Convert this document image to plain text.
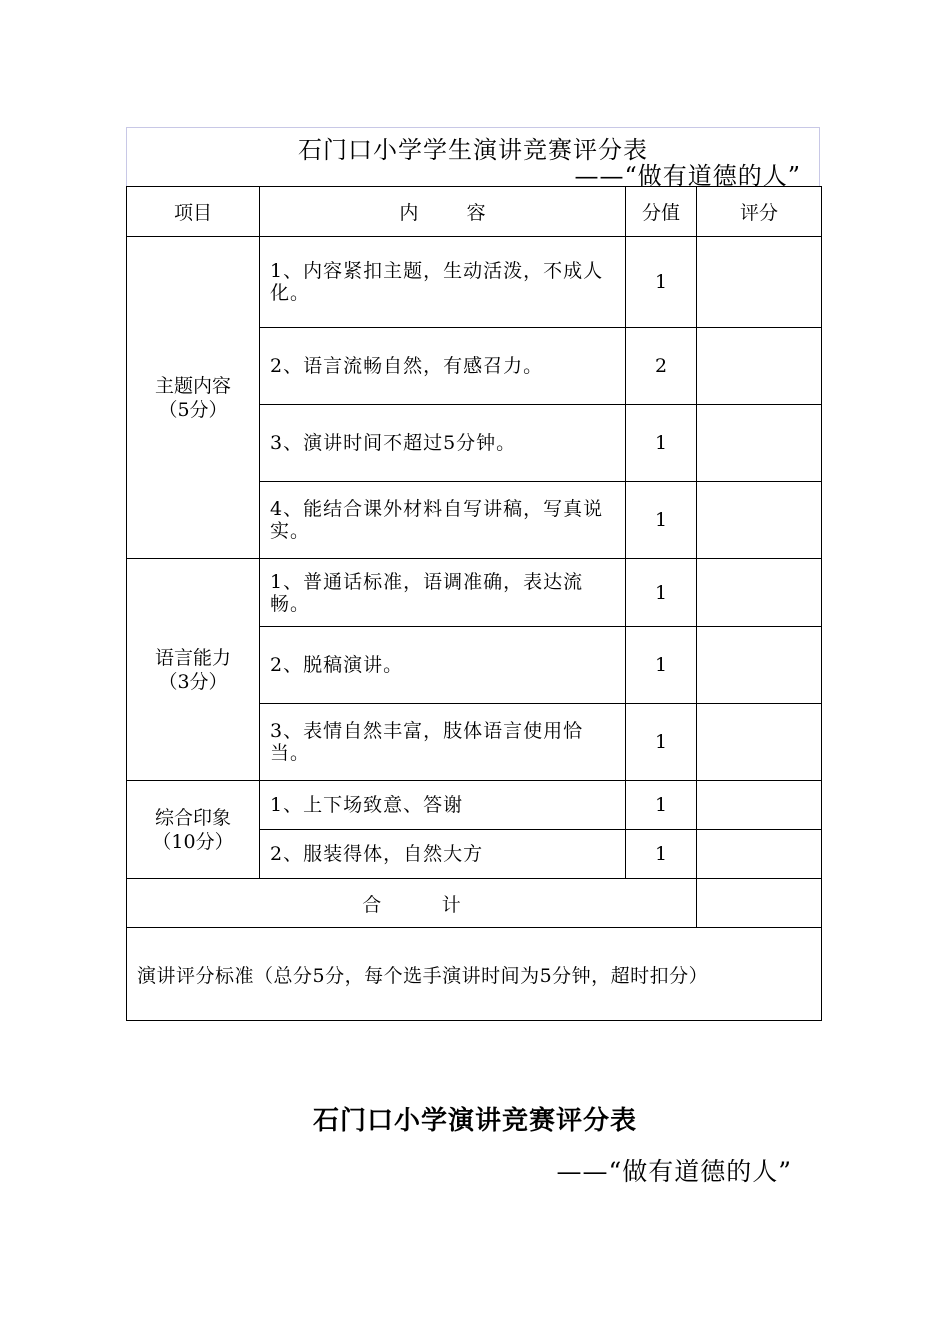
石门口小学学生演讲竞赛评分表
——“做有道德的人”
项目	内        容	分值	评分

主题内容
（5分）	1、内容紧扣主题，生动活泼，不成人化。	1	
	2、语言流畅自然，有感召力。	2	
	3、演讲时间不超过5分钟。	1	
	4、能结合课外材料自写讲稿，写真说实。	1	

语言能力
（3分）	1、普通话标准，语调准确，表达流畅。	1	
	2、脱稿演讲。	1	
	3、表情自然丰富，肢体语言使用恰当。	1	

综合印象
（10分）	1、上下场致意、答谢	1	
	2、服装得体，自然大方	1	
合          计			
演讲评分标准（总分5分，每个选手演讲时间为5分钟，超时扣分）			
石门口小学演讲竞赛评分表
——“做有道德的人”
